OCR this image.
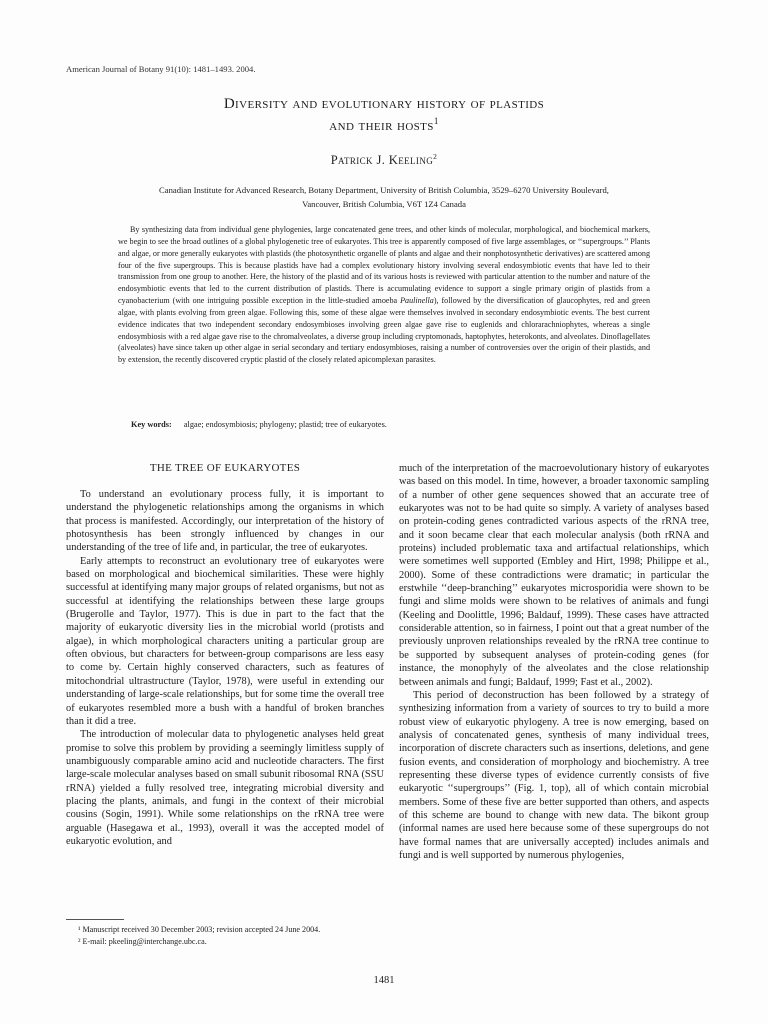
American Journal of Botany 91(10): 1481–1493. 2004.
Diversity and evolutionary history of plastids
and their hosts$^1$
Patrick J. Keeling$^2$
Canadian Institute for Advanced Research, Botany Department, University of British Columbia, 3529–6270 University Boulevard,
Vancouver, British Columbia, V6T 1Z4 Canada
By synthesizing data from individual gene phylogenies, large concatenated gene trees, and other kinds of molecular, morphological, and biochemical markers, we begin to see the broad outlines of a global phylogenetic tree of eukaryotes. This tree is apparently composed of five large assemblages, or ‘‘supergroups.’’ Plants and algae, or more generally eukaryotes with plastids (the photosynthetic organelle of plants and algae and their nonphotosynthetic derivatives) are scattered among four of the five supergroups. This is because plastids have had a complex evolutionary history involving several endosymbiotic events that have led to their transmission from one group to another. Here, the history of the plastid and of its various hosts is reviewed with particular attention to the number and nature of the endosymbiotic events that led to the current distribution of plastids. There is accumulating evidence to support a single primary origin of plastids from a cyanobacterium (with one intriguing possible exception in the little-studied amoeba Paulinella), followed by the diversification of glaucophytes, red and green algae, with plants evolving from green algae. Following this, some of these algae were themselves involved in secondary endosymbiotic events. The best current evidence indicates that two independent secondary endosymbioses involving green algae gave rise to euglenids and chlorarachniophytes, whereas a single endosymbiosis with a red algae gave rise to the chromalveolates, a diverse group including cryptomonads, haptophytes, heterokonts, and alveolates. Dinoflagellates (alveolates) have since taken up other algae in serial secondary and tertiary endosymbioses, raising a number of controversies over the origin of their plastids, and by extension, the recently discovered cryptic plastid of the closely related apicomplexan parasites.
Key words: algae; endosymbiosis; phylogeny; plastid; tree of eukaryotes.
THE TREE OF EUKARYOTES

To understand an evolutionary process fully, it is important to understand the phylogenetic relationships among the organisms in which that process is manifested. Accordingly, our interpretation of the history of photosynthesis has been strongly influenced by changes in our understanding of the tree of life and, in particular, the tree of eukaryotes.

Early attempts to reconstruct an evolutionary tree of eukaryotes were based on morphological and biochemical similarities. These were highly successful at identifying many major groups of related organisms, but not as successful at identifying the relationships between these large groups (Brugerolle and Taylor, 1977). This is due in part to the fact that the majority of eukaryotic diversity lies in the microbial world (protists and algae), in which morphological characters uniting a particular group are often obvious, but characters for between-group comparisons are less easy to come by. Certain highly conserved characters, such as features of mitochondrial ultrastructure (Taylor, 1978), were useful in extending our understanding of large-scale relationships, but for some time the overall tree of eukaryotes resembled more a bush with a handful of broken branches than it did a tree.

The introduction of molecular data to phylogenetic analyses held great promise to solve this problem by providing a seemingly limitless supply of unambiguously comparable amino acid and nucleotide characters. The first large-scale molecular analyses based on small subunit ribosomal RNA (SSU rRNA) yielded a fully resolved tree, integrating microbial diversity and placing the plants, animals, and fungi in the context of their microbial cousins (Sogin, 1991). While some relationships on the rRNA tree were arguable (Hasegawa et al., 1993), overall it was the accepted model of eukaryotic evolution, and

much of the interpretation of the macroevolutionary history of eukaryotes was based on this model. In time, however, a broader taxonomic sampling of a number of other gene sequences showed that an accurate tree of eukaryotes was not to be had quite so simply. A variety of analyses based on protein-coding genes contradicted various aspects of the rRNA tree, and it soon became clear that each molecular analysis (both rRNA and proteins) included problematic taxa and artifactual relationships, which were sometimes well supported (Embley and Hirt, 1998; Philippe et al., 2000). Some of these contradictions were dramatic; in particular the erstwhile ‘‘deep-branching’’ eukaryotes microsporidia were shown to be fungi and slime molds were shown to be relatives of animals and fungi (Keeling and Doolittle, 1996; Baldauf, 1999). These cases have attracted considerable attention, so in fairness, I point out that a great number of the previously unproven relationships revealed by the rRNA tree continue to be supported by subsequent analyses of protein-coding genes (for instance, the monophyly of the alveolates and the close relationship between animals and fungi; Baldauf, 1999; Fast et al., 2002).

This period of deconstruction has been followed by a strategy of synthesizing information from a variety of sources to try to build a more robust view of eukaryotic phylogeny. A tree is now emerging, based on analysis of concatenated genes, synthesis of many individual trees, incorporation of discrete characters such as insertions, deletions, and gene fusion events, and consideration of morphology and biochemistry. A tree representing these diverse types of evidence currently consists of five eukaryotic ‘‘supergroups’’ (Fig. 1, top), all of which contain microbial members. Some of these five are better supported than others, and aspects of this scheme are bound to change with new data. The bikont group (informal names are used here because some of these supergroups do not have formal names that are universally accepted) includes animals and fungi and is well supported by numerous phylogenies,

¹ Manuscript received 30 December 2003; revision accepted 24 June 2004.
² E-mail: pkeeling@interchange.ubc.ca.
1481
